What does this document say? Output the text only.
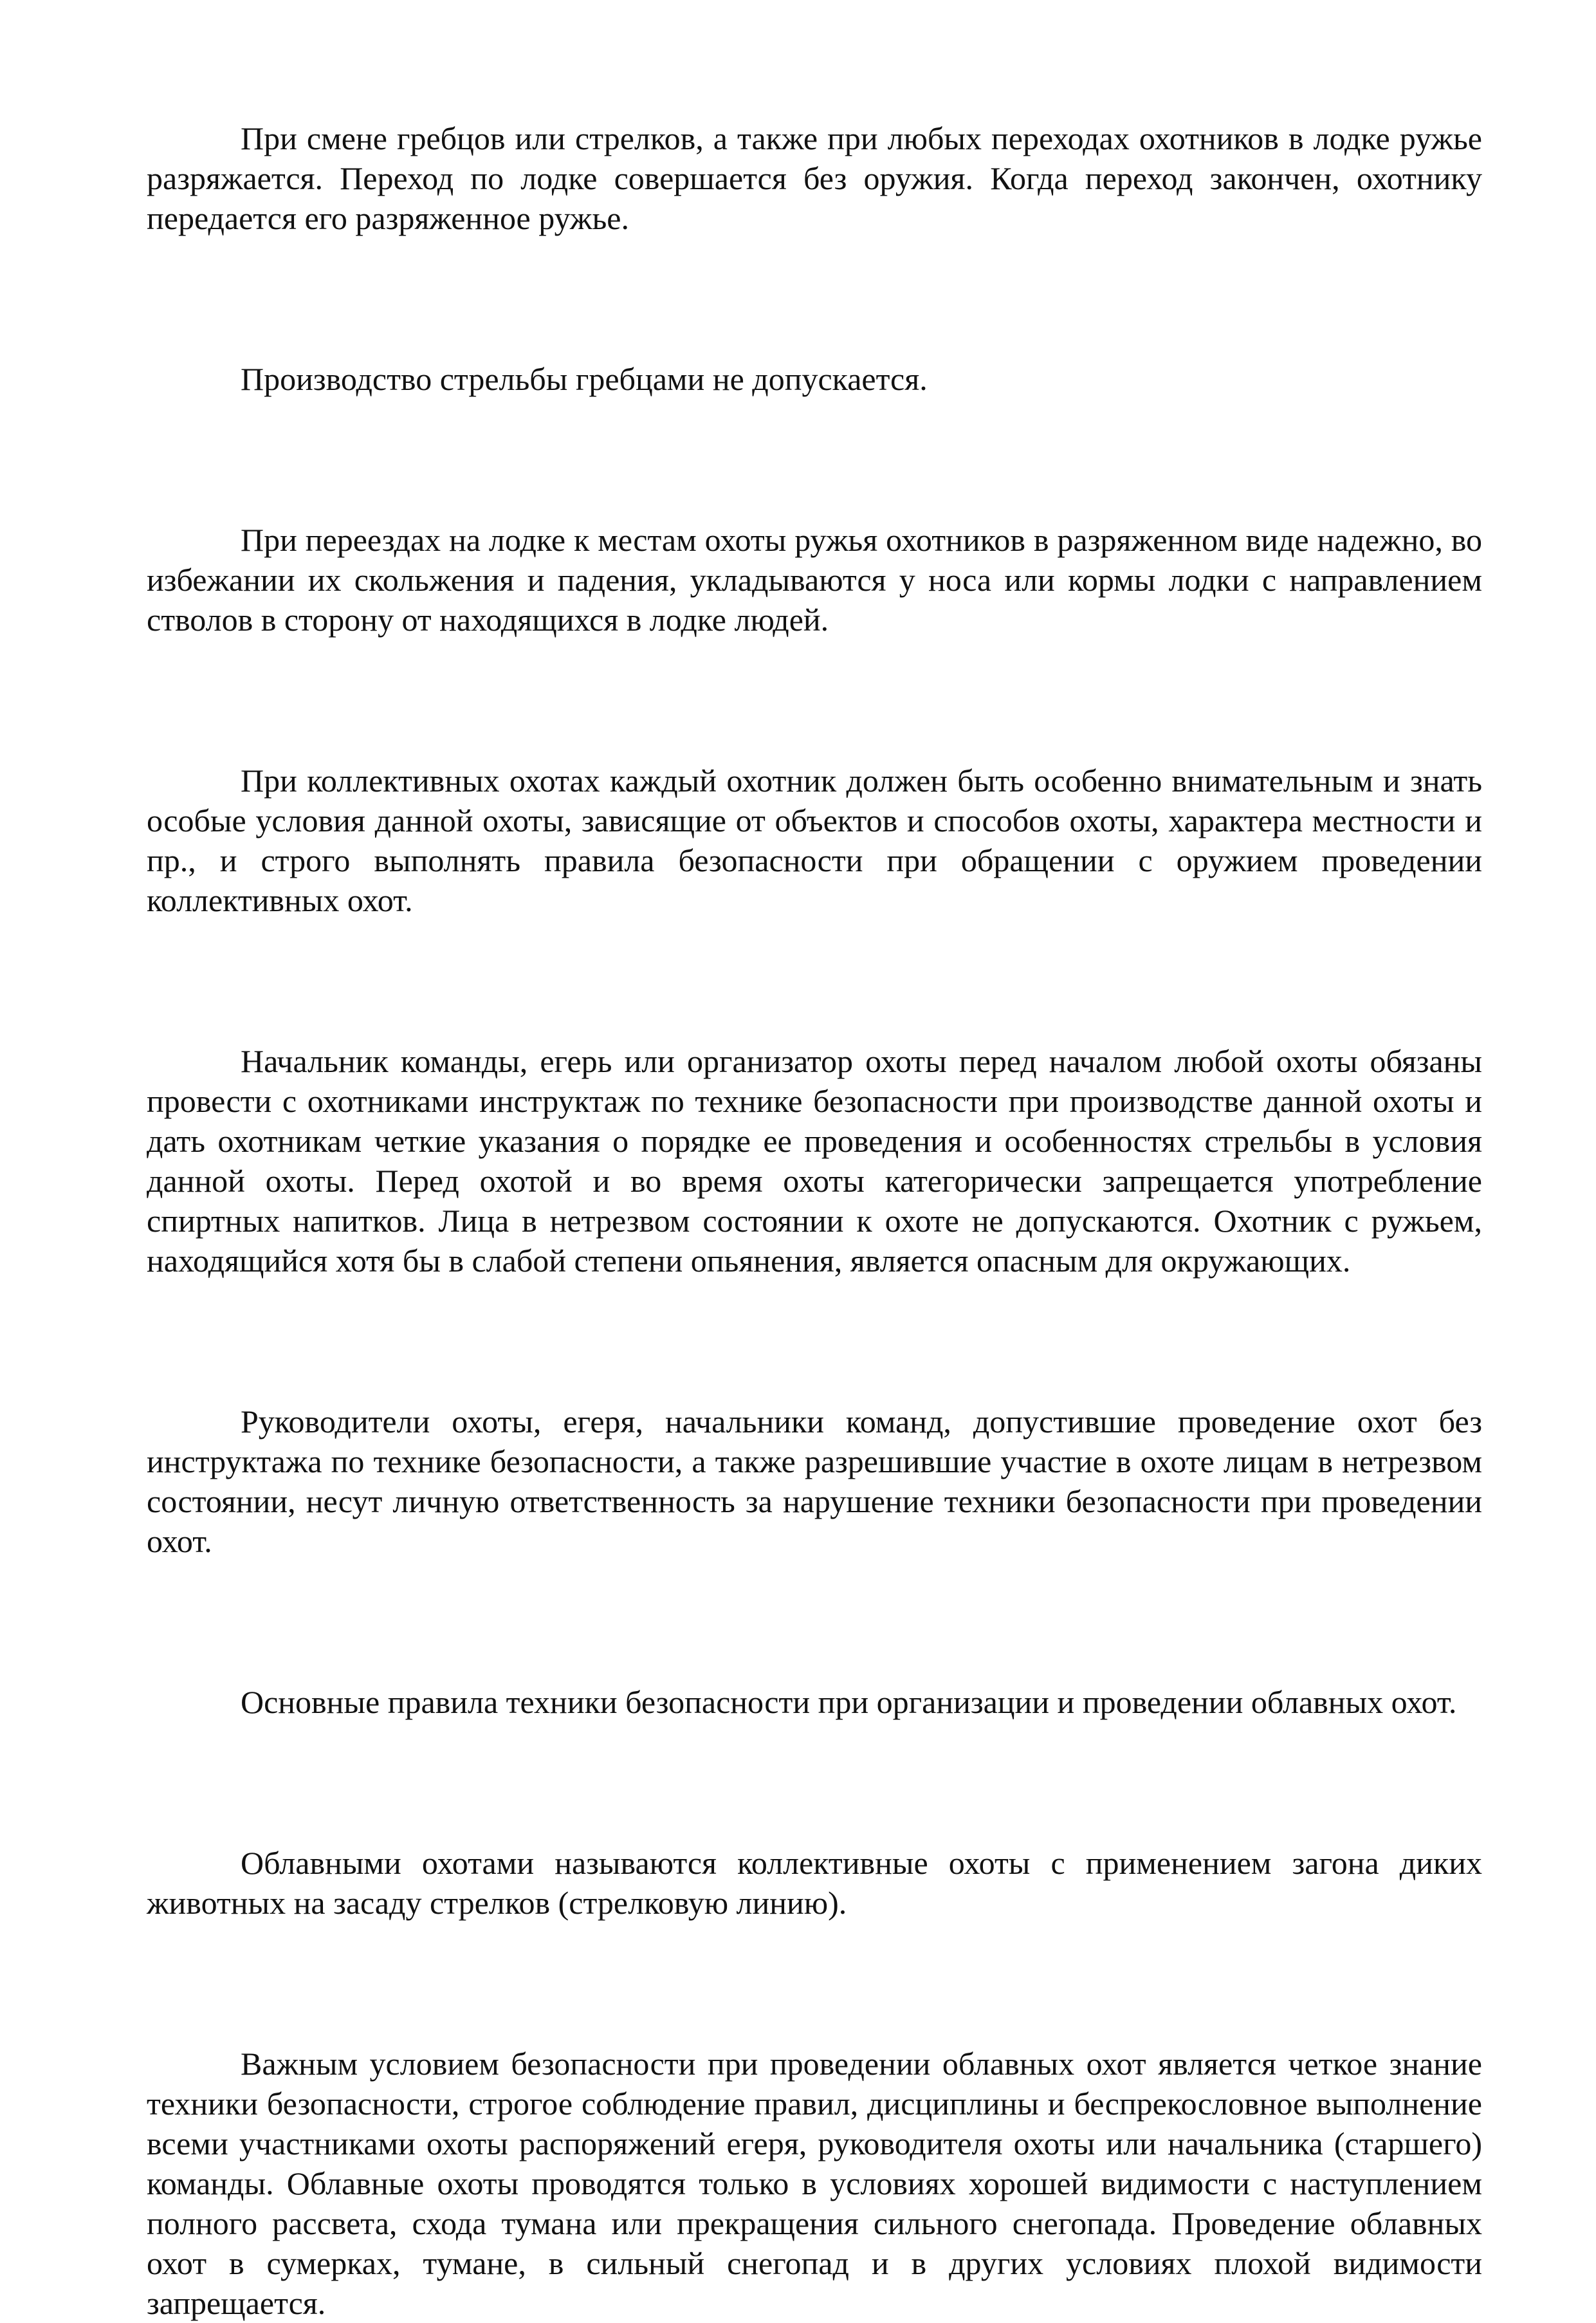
При смене гребцов или стрелков, а также при любых переходах охотников в лодке ружье разряжается. Переход по лодке совершается без оружия. Когда переход закончен, охотнику передается его разряженное ружье.

Производство стрельбы гребцами не допускается.

При переездах на лодке к местам охоты ружья охотников в разряженном виде надежно, во избежании их скольжения и падения, укладываются у носа или кормы лодки с направлением стволов в сторону от находящихся в лодке людей.

При коллективных охотах каждый охотник должен быть особенно внимательным и знать особые условия данной охоты, зависящие от объектов и способов охоты, характера местности и пр., и строго выполнять правила безопасности при обращении с оружием проведении коллективных охот.

Начальник команды, егерь или организатор охоты перед началом любой охоты обязаны провести с охотниками инструктаж по технике безопасности при производстве данной охоты и дать охотникам четкие указания о порядке ее проведения и особенностях стрельбы в условия данной охоты. Перед охотой и во время охоты категорически запрещается употребление спиртных напитков. Лица в нетрезвом состоянии к охоте не допускаются. Охотник с ружьем, находящийся хотя бы в слабой степени опьянения, является опасным для окружающих.

Руководители охоты, егеря, начальники команд, допустившие проведение охот без инструктажа по технике безопасности, а также разрешившие участие в охоте лицам в нетрезвом состоянии, несут личную ответственность за нарушение техники безопасности при проведении охот.

Основные правила техники безопасности при организации и проведении облавных охот.

Облавными охотами называются коллективные охоты с применением загона диких животных на засаду стрелков (стрелковую линию).

Важным условием безопасности при проведении облавных охот является четкое знание техники безопасности, строгое соблюдение правил, дисциплины и беспрекословное выполнение всеми участниками охоты распоряжений егеря, руководителя охоты или начальника (старшего) команды. Облавные охоты проводятся только в условиях хорошей видимости с наступлением полного рассвета, схода тумана или прекращения сильного снегопада. Проведение облавных охот в сумерках, тумане, в сильный снегопад и в других условиях плохой видимости запрещается.
